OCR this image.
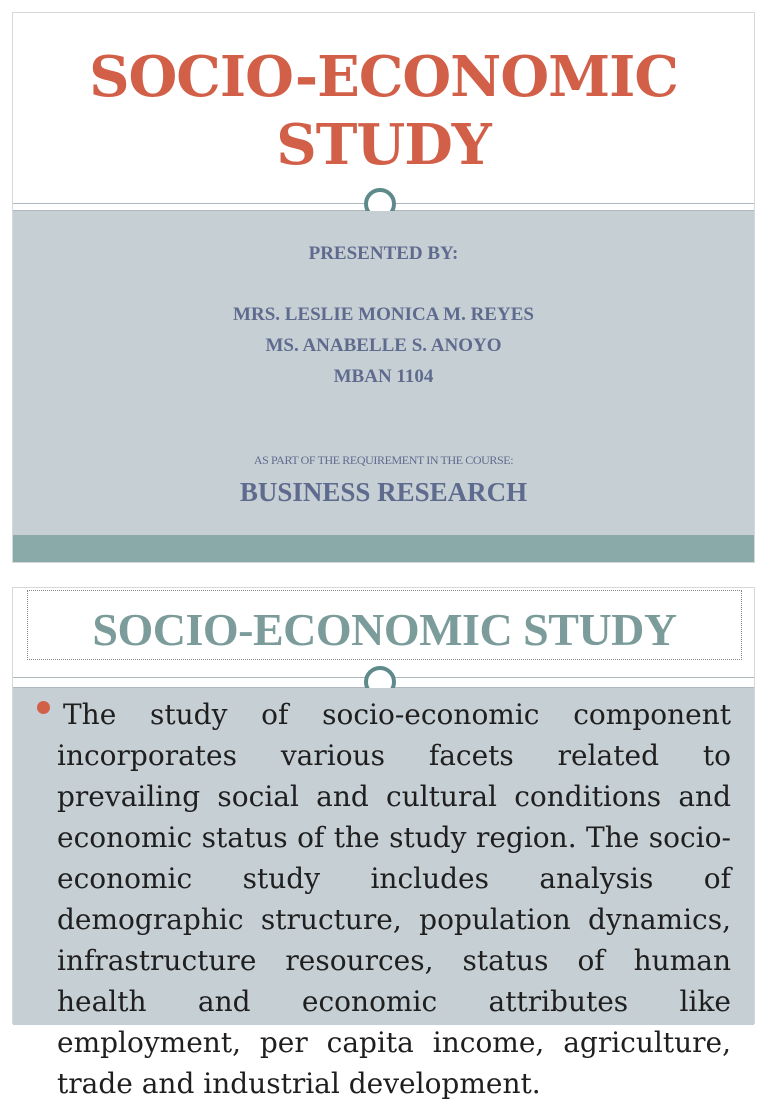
SOCIO-ECONOMIC
STUDY
PRESENTED BY:
MRS. LESLIE MONICA M. REYES
MS. ANABELLE S. ANOYO
MBAN 1104
AS PART OF THE REQUIREMENT IN THE COURSE:
BUSINESS RESEARCH
SOCIO-ECONOMIC STUDY

The study of socio-economic component incorporates various facets related to prevailing social and cultural conditions and economic status of the study region. The socio-economic study includes analysis of demographic structure, population dynamics, infrastructure resources, status of human health and economic attributes like employment, per capita income, agriculture, trade and industrial development.
